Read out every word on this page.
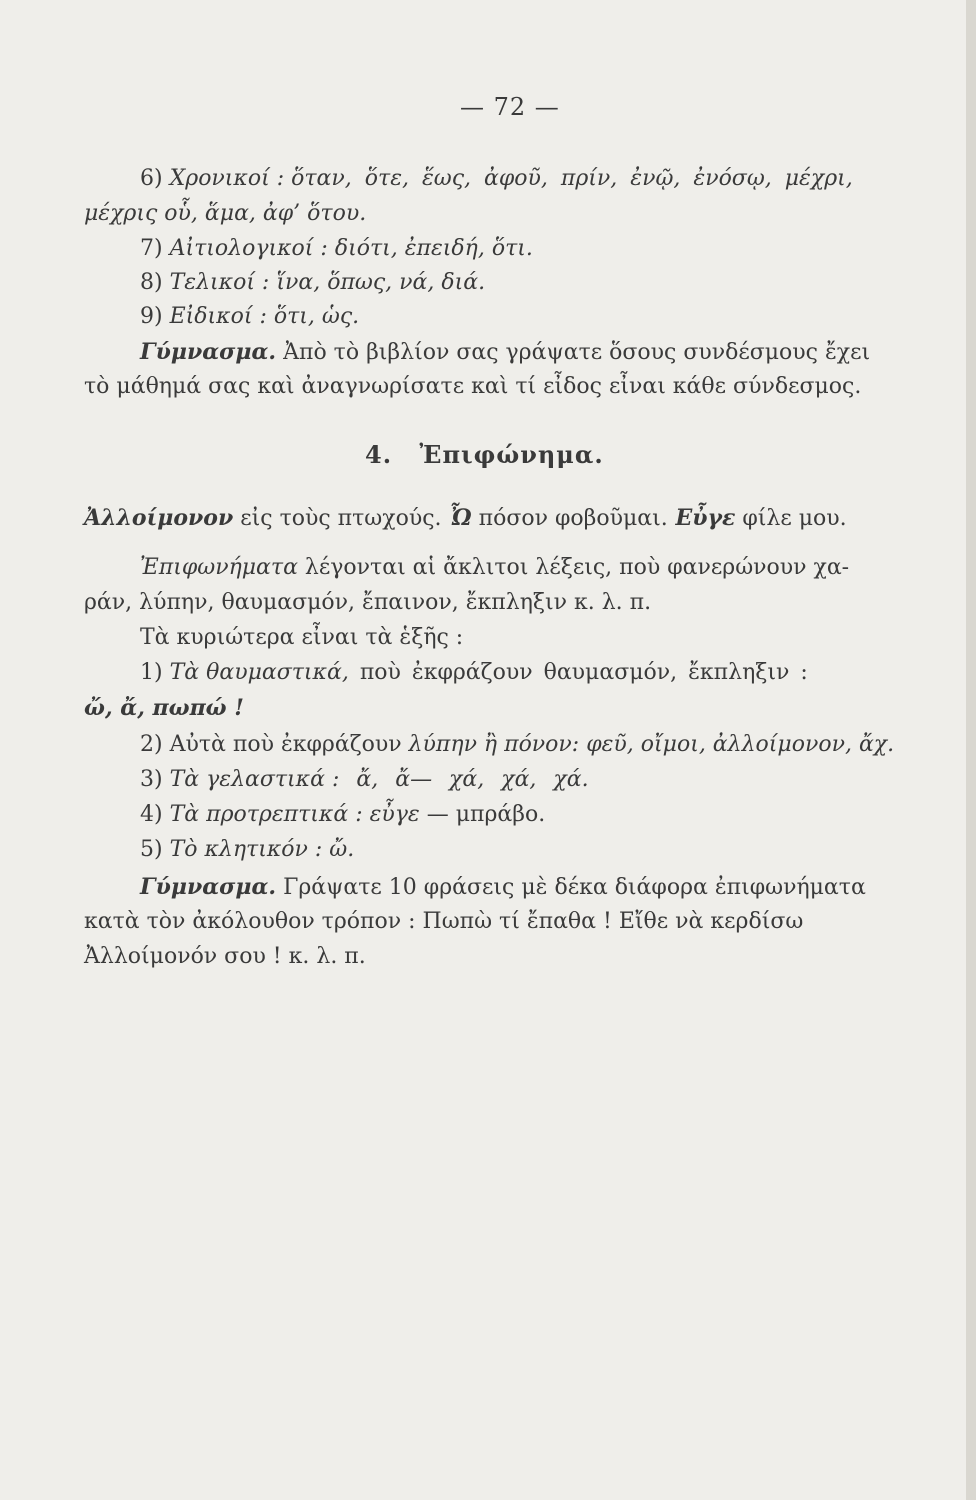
— 72 —
6) Χρονικοί : ὅταν, ὅτε, ἕως, ἀφοῦ, πρίν, ἐνῷ, ἐνόσῳ, μέχρι,
μέχρις οὗ, ἅμα, ἀφ’ ὅτου.
7) Αἰτιολογικοί : διότι, ἐπειδή, ὅτι.
8) Τελικοί : ἵνα, ὅπως, νά, διά.
9) Εἰδικοί : ὅτι, ὡς.
Γύμνασμα. Ἀπὸ τὸ βιβλίον σας γράψατε ὅσους συνδέσμους ἔχει
τὸ μάθημά σας καὶ ἀναγνωρίσατε καὶ τί εἶδος εἶναι κάθε σύνδεσμος.
4. Ἐπιφώνημα.
Ἀλλοίμονον εἰς τοὺς πτωχούς. Ὦ πόσον φοβοῦμαι. Εὖγε φίλε μου.
Ἐπιφωνήματα λέγονται αἱ ἄκλιτοι λέξεις, ποὺ φανερώνουν χα-
ράν, λύπην, θαυμασμόν, ἔπαινον, ἔκπληξιν κ. λ. π.
Τὰ κυριώτερα εἶναι τὰ ἑξῆς :
1) Τὰ θαυμαστικά, ποὺ ἐκφράζουν θαυμασμόν, ἔκπληξιν :
ὤ, ἄ, πωπώ !
2) Αὐτὰ ποὺ ἐκφράζουν λύπην ἢ πόνον: φεῦ, οἴμοι, ἀλλοίμονον, ἄχ.
3) Τὰ γελαστικά : ἄ, ἄ— χά, χά, χά.
4) Τὰ προτρεπτικά : εὖγε — μπράβο.
5) Τὸ κλητικόν : ὤ.
Γύμνασμα. Γράψατε 10 φράσεις μὲ δέκα διάφορα ἐπιφωνήματα
κατὰ τὸν ἀκόλουθον τρόπον : Πωπὼ τί ἔπαθα ! Εἴθε νὰ κερδίσω
Ἀλλοίμονόν σου ! κ. λ. π.
